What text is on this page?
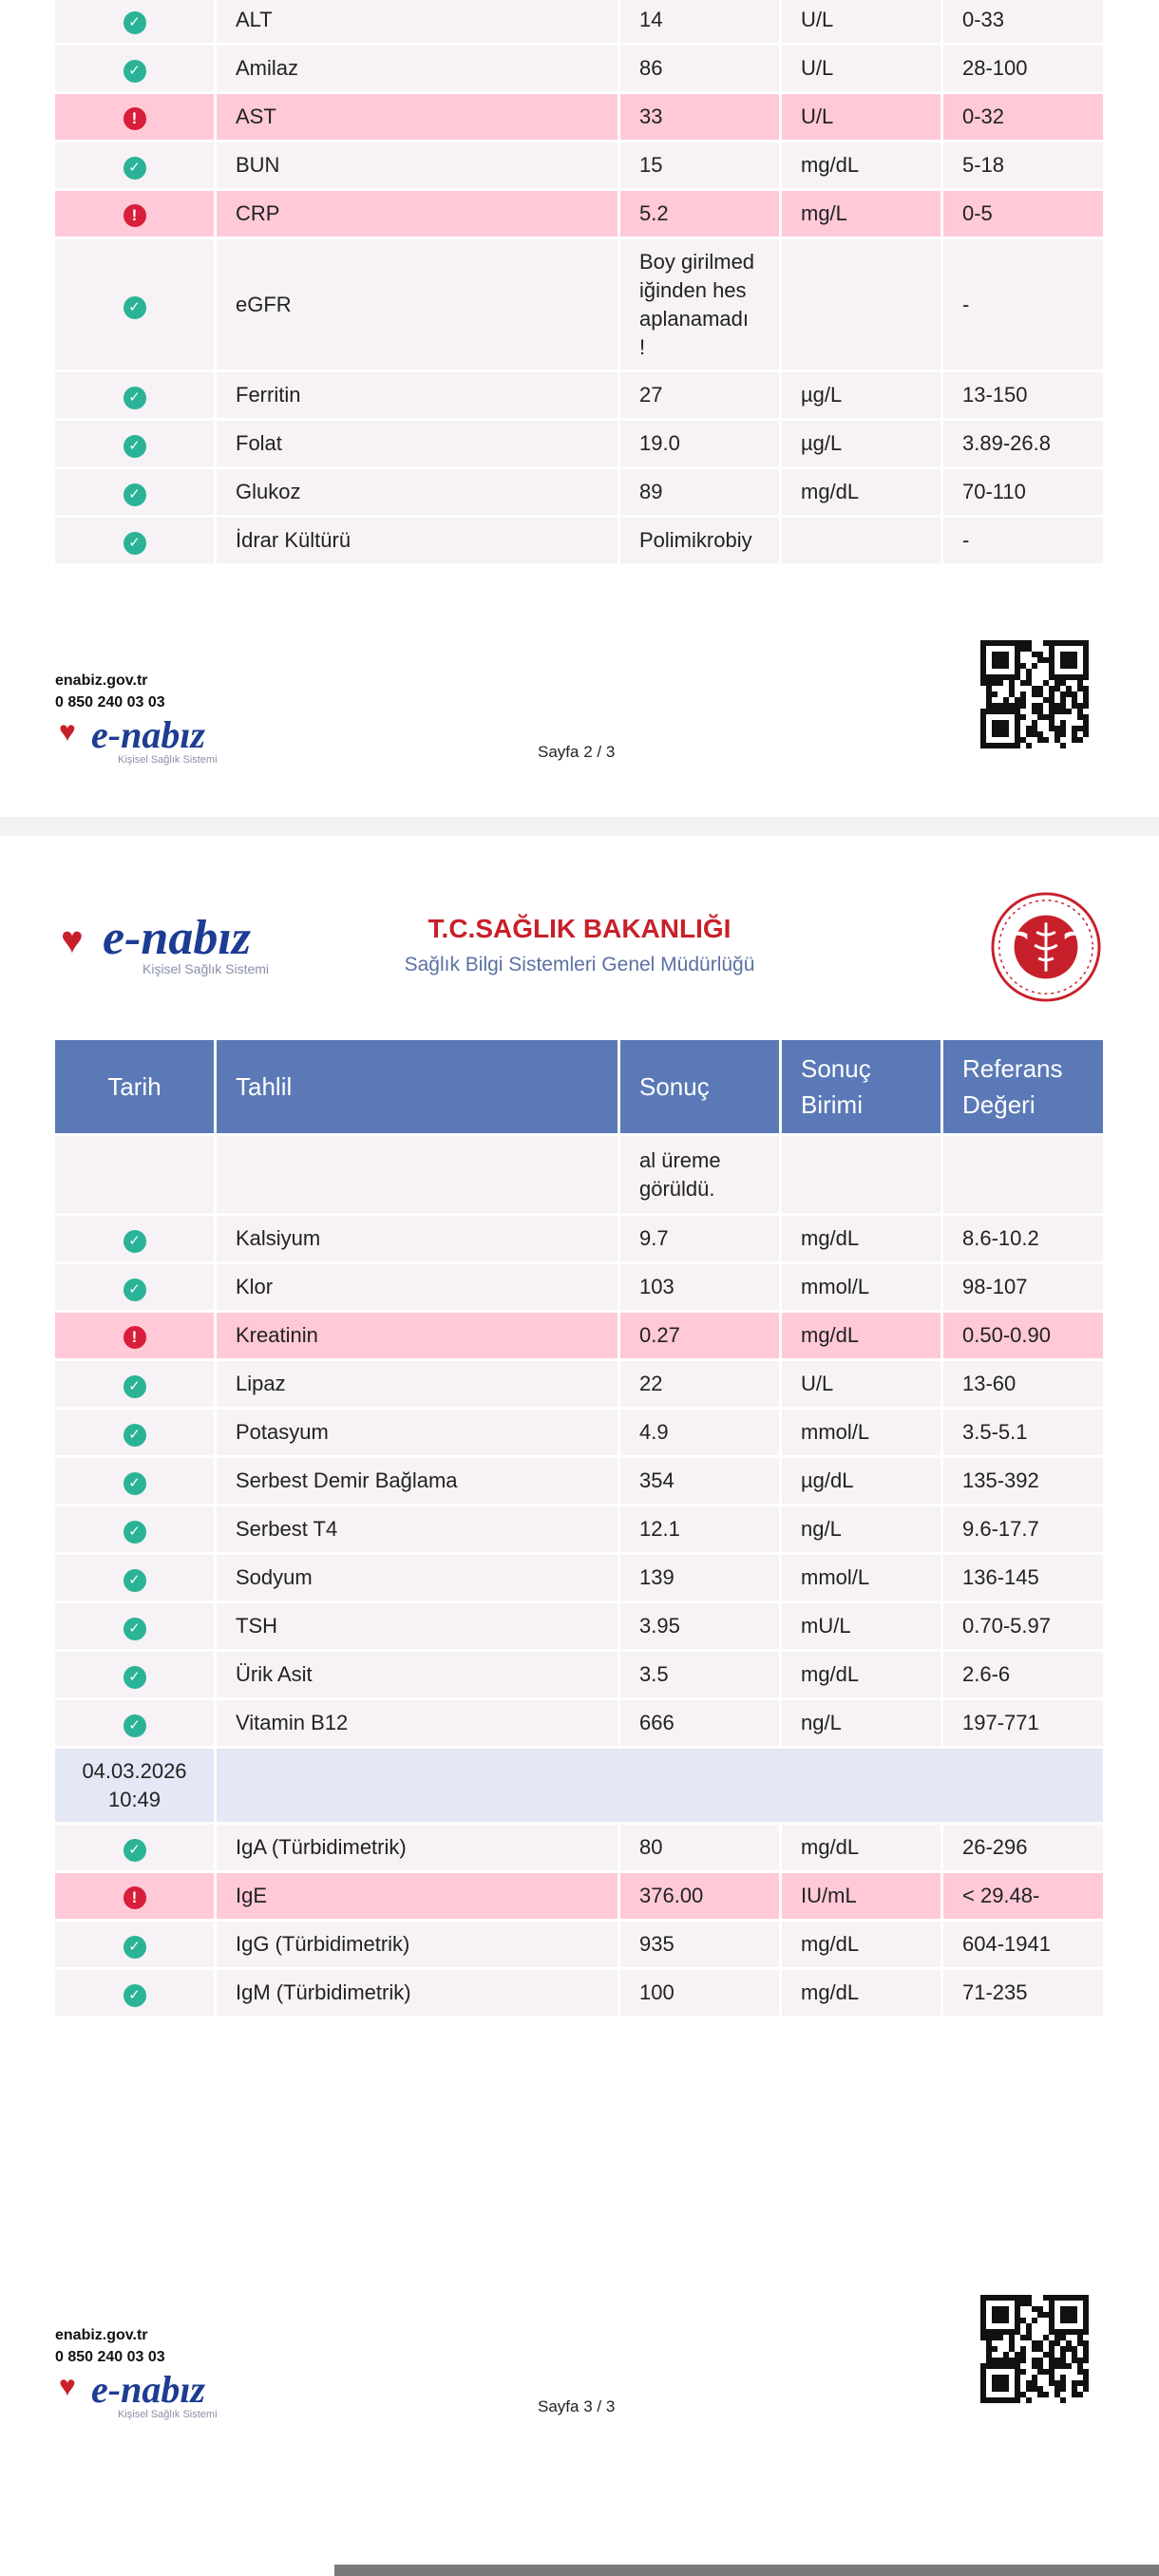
✓	ALT	14	U/L	0-33
✓	Amilaz	86	U/L	28-100
!	AST	33	U/L	0-32
✓	BUN	15	mg/dL	5-18
!	CRP	5.2	mg/L	0-5
✓	eGFR	Boy girilmed iğinden hes aplanamadı !		-
✓	Ferritin	27	µg/L	13-150
✓	Folat	19.0	µg/L	3.89-26.8
✓	Glukoz	89	mg/dL	70-110
✓	İdrar Kültürü	Polimikrobiy		-
enabiz.gov.tr
0 850 240 03 03
♥ e-nabız
Kişisel Sağlık Sistemi	Sayfa 2 / 3
♥ e-nabız
Kişisel Sağlık Sistemi
T.C.SAĞLIK BAKANLIĞI
Sağlık Bilgi Sistemleri Genel Müdürlüğü
Tarih	Tahlil	Sonuç	Sonuç Birimi	Referans Değeri
		al üreme görüldü.		
✓	Kalsiyum	9.7	mg/dL	8.6-10.2
✓	Klor	103	mmol/L	98-107
!	Kreatinin	0.27	mg/dL	0.50-0.90
✓	Lipaz	22	U/L	13-60
✓	Potasyum	4.9	mmol/L	3.5-5.1
✓	Serbest Demir Bağlama	354	µg/dL	135-392
✓	Serbest T4	12.1	ng/L	9.6-17.7
✓	Sodyum	139	mmol/L	136-145
✓	TSH	3.95	mU/L	0.70-5.97
✓	Ürik Asit	3.5	mg/dL	2.6-6
✓	Vitamin B12	666	ng/L	197-771

04.03.2026
10:49				

✓	IgA (Türbidimetrik)	80	mg/dL	26-296
!	IgE	376.00	IU/mL	< 29.48-
✓	IgG (Türbidimetrik)	935	mg/dL	604-1941
✓	IgM (Türbidimetrik)	100	mg/dL	71-235
enabiz.gov.tr
0 850 240 03 03
♥ e-nabız
Kişisel Sağlık Sistemi	Sayfa 3 / 3
